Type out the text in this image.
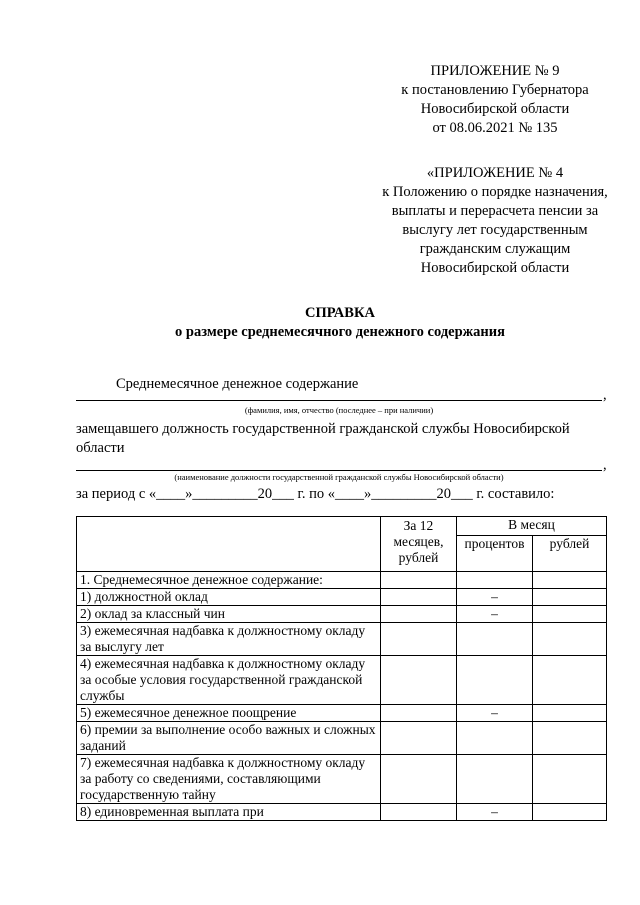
ПРИЛОЖЕНИЕ № 9
к постановлению Губернатора
Новосибирской области
от 08.06.2021 № 135
«ПРИЛОЖЕНИЕ № 4
к Положению о порядке назначения,
выплаты и перерасчета пенсии за
выслугу лет государственным
гражданским служащим
Новосибирской области
СПРАВКА
о размере среднемесячного денежного содержания
Среднемесячное денежное содержание
,
(фамилия, имя, отчество (последнее – при наличии)
замещавшего должность государственной гражданской службы Новосибирской
области
,
(наименование должности государственной гражданской службы Новосибирской области)
за период с «____»_________20___ г. по «____»_________20___ г. составило:
	За 12 месяцев, рублей	В месяц	
		процентов	рублей
1. Среднемесячное денежное содержание:			
1) должностной оклад		–	
2) оклад за классный чин		–	
3) ежемесячная надбавка к должностному окладу за выслугу лет			
4) ежемесячная надбавка к должностному окладу за особые условия государственной гражданской службы			
5) ежемесячное денежное поощрение		–	
6) премии за выполнение особо важных и сложных заданий			
7) ежемесячная надбавка к должностному окладу за работу со сведениями, составляющими государственную тайну			
8) единовременная выплата при		–	
